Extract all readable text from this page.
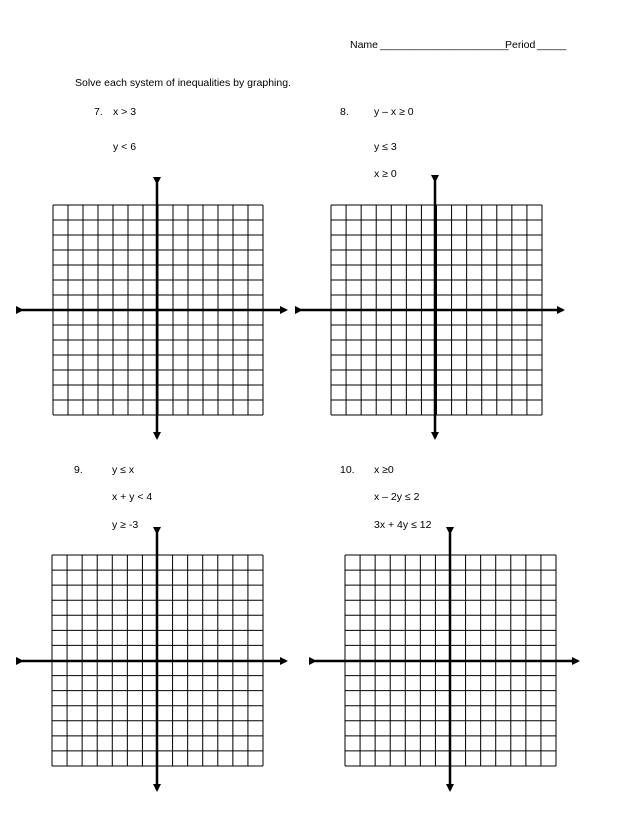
Name ______________________
Period _____
Solve each system of inequalities by graphing.
7. x > 3
y < 6
8. y – x ≥ 0
y ≤ 3
x ≥ 0
9.	y ≤ x
x + y < 4
y ≥ -3
10. x ≥0
x – 2y ≤ 2
3x + 4y ≤ 12
